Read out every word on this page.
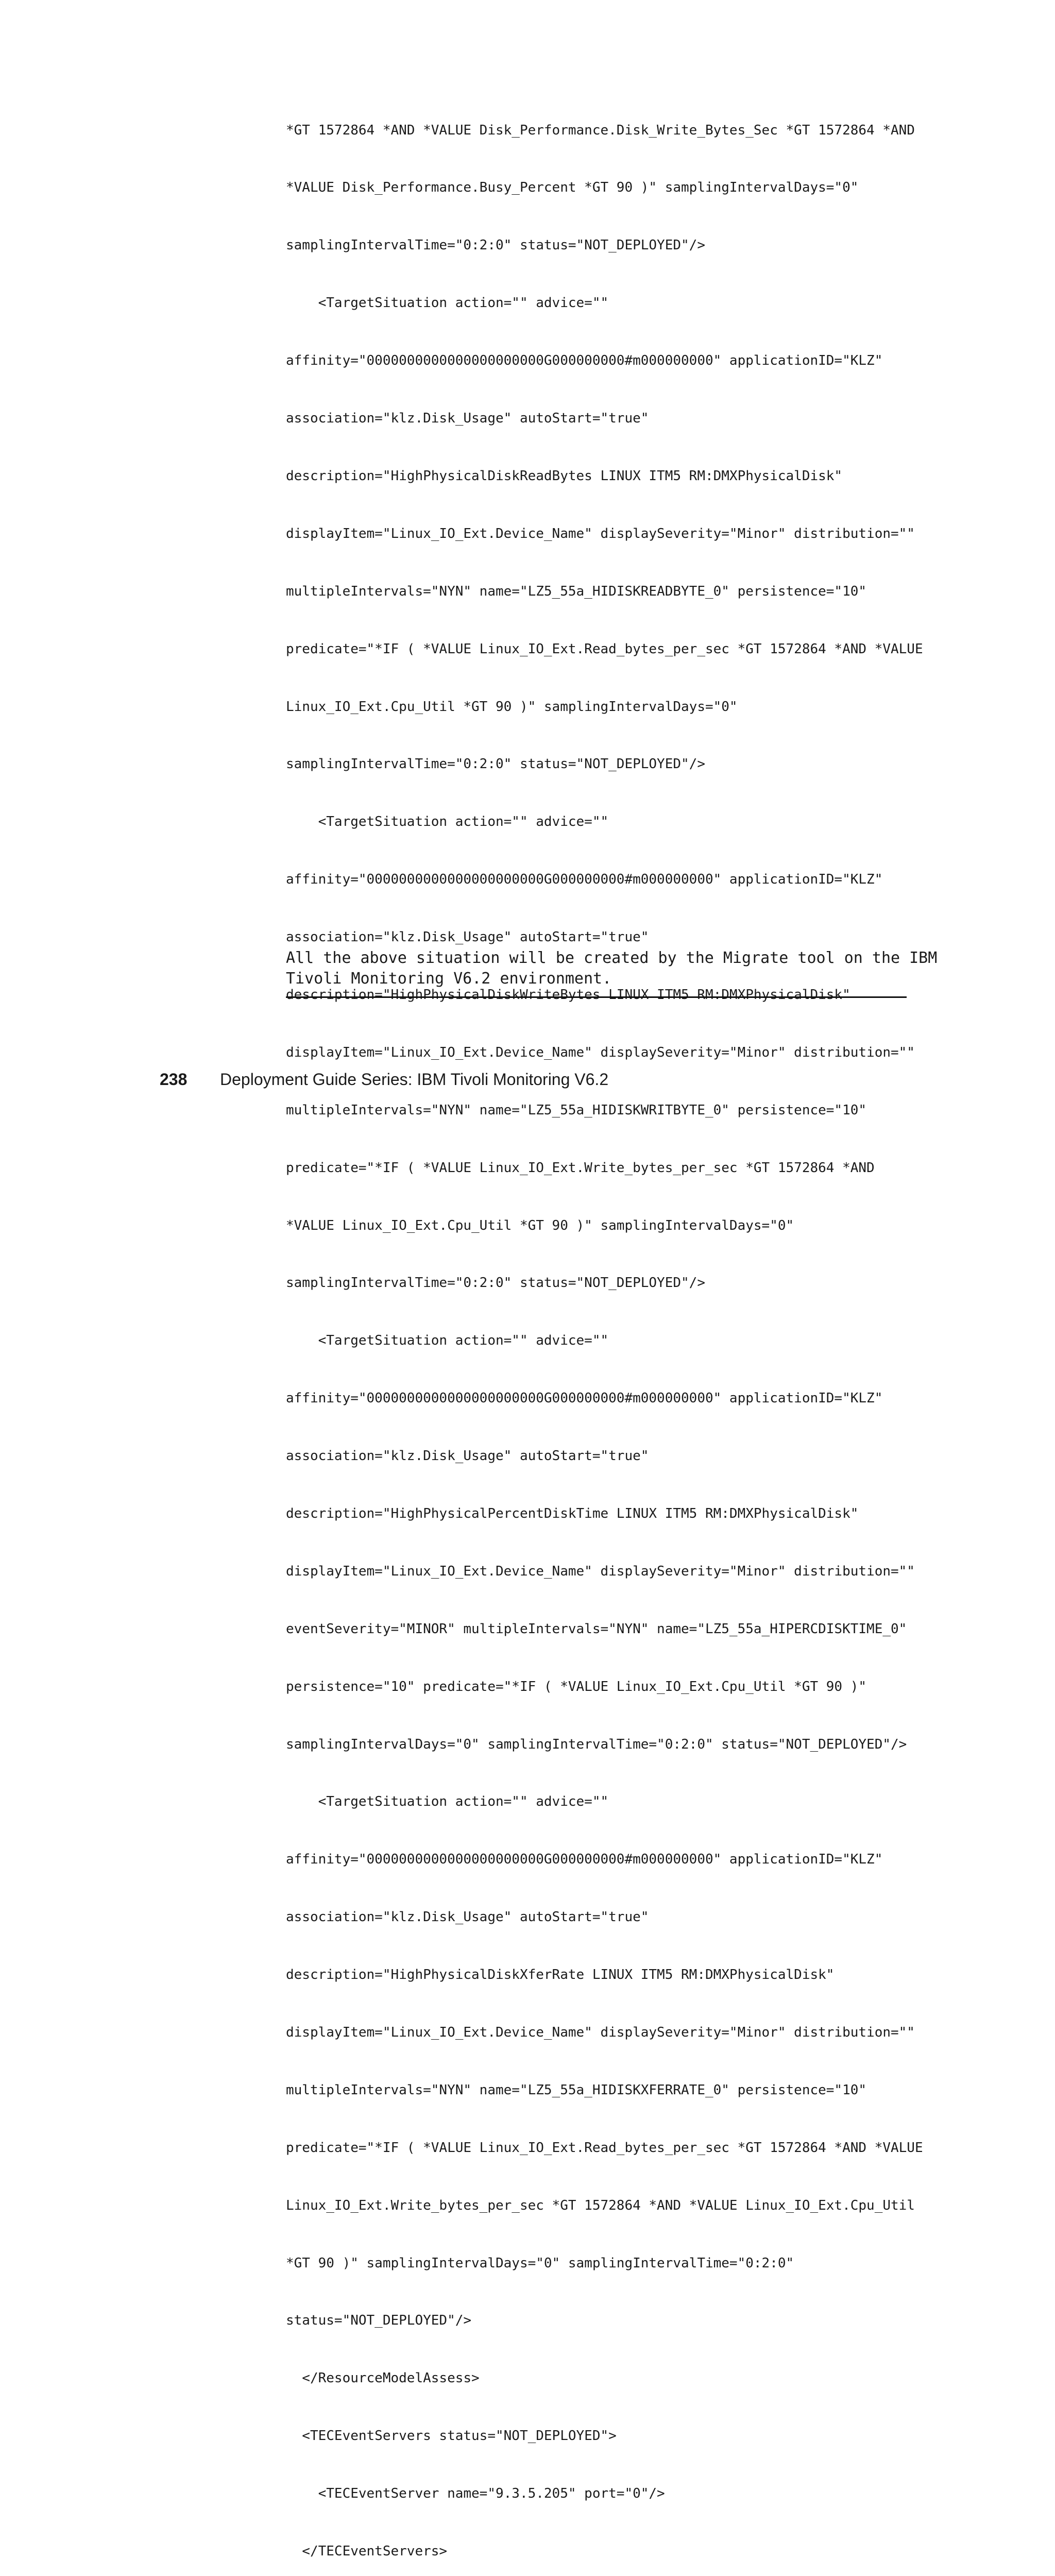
*GT 1572864 *AND *VALUE Disk_Performance.Disk_Write_Bytes_Sec *GT 1572864 *AND

*VALUE Disk_Performance.Busy_Percent *GT 90 )" samplingIntervalDays="0"

samplingIntervalTime="0:2:0" status="NOT_DEPLOYED"/>

<TargetSituation action="" advice=""

affinity="0000000000000000000000G000000000#m000000000" applicationID="KLZ"

association="klz.Disk_Usage" autoStart="true"

description="HighPhysicalDiskReadBytes LINUX ITM5 RM:DMXPhysicalDisk"

displayItem="Linux_IO_Ext.Device_Name" displaySeverity="Minor" distribution=""

multipleIntervals="NYN" name="LZ5_55a_HIDISKREADBYTE_0" persistence="10"

predicate="*IF ( *VALUE Linux_IO_Ext.Read_bytes_per_sec *GT 1572864 *AND *VALUE

Linux_IO_Ext.Cpu_Util *GT 90 )" samplingIntervalDays="0"

samplingIntervalTime="0:2:0" status="NOT_DEPLOYED"/>

<TargetSituation action="" advice=""

affinity="0000000000000000000000G000000000#m000000000" applicationID="KLZ"

association="klz.Disk_Usage" autoStart="true"

description="HighPhysicalDiskWriteBytes LINUX ITM5 RM:DMXPhysicalDisk"

displayItem="Linux_IO_Ext.Device_Name" displaySeverity="Minor" distribution=""

multipleIntervals="NYN" name="LZ5_55a_HIDISKWRITBYTE_0" persistence="10"

predicate="*IF ( *VALUE Linux_IO_Ext.Write_bytes_per_sec *GT 1572864 *AND

*VALUE Linux_IO_Ext.Cpu_Util *GT 90 )" samplingIntervalDays="0"

samplingIntervalTime="0:2:0" status="NOT_DEPLOYED"/>

<TargetSituation action="" advice=""

affinity="0000000000000000000000G000000000#m000000000" applicationID="KLZ"

association="klz.Disk_Usage" autoStart="true"

description="HighPhysicalPercentDiskTime LINUX ITM5 RM:DMXPhysicalDisk"

displayItem="Linux_IO_Ext.Device_Name" displaySeverity="Minor" distribution=""

eventSeverity="MINOR" multipleIntervals="NYN" name="LZ5_55a_HIPERCDISKTIME_0"

persistence="10" predicate="*IF ( *VALUE Linux_IO_Ext.Cpu_Util *GT 90 )"

samplingIntervalDays="0" samplingIntervalTime="0:2:0" status="NOT_DEPLOYED"/>

<TargetSituation action="" advice=""

affinity="0000000000000000000000G000000000#m000000000" applicationID="KLZ"

association="klz.Disk_Usage" autoStart="true"

description="HighPhysicalDiskXferRate LINUX ITM5 RM:DMXPhysicalDisk"

displayItem="Linux_IO_Ext.Device_Name" displaySeverity="Minor" distribution=""

multipleIntervals="NYN" name="LZ5_55a_HIDISKXFERRATE_0" persistence="10"

predicate="*IF ( *VALUE Linux_IO_Ext.Read_bytes_per_sec *GT 1572864 *AND *VALUE

Linux_IO_Ext.Write_bytes_per_sec *GT 1572864 *AND *VALUE Linux_IO_Ext.Cpu_Util

*GT 90 )" samplingIntervalDays="0" samplingIntervalTime="0:2:0"

status="NOT_DEPLOYED"/>

</ResourceModelAssess>

<TECEventServers status="NOT_DEPLOYED">

<TECEventServer name="9.3.5.205" port="0"/>

</TECEventServers>

All the above situation will be created by the Migrate tool on the IBM
Tivoli Monitoring V6.2 environment.
238 Deployment Guide Series: IBM Tivoli Monitoring V6.2
